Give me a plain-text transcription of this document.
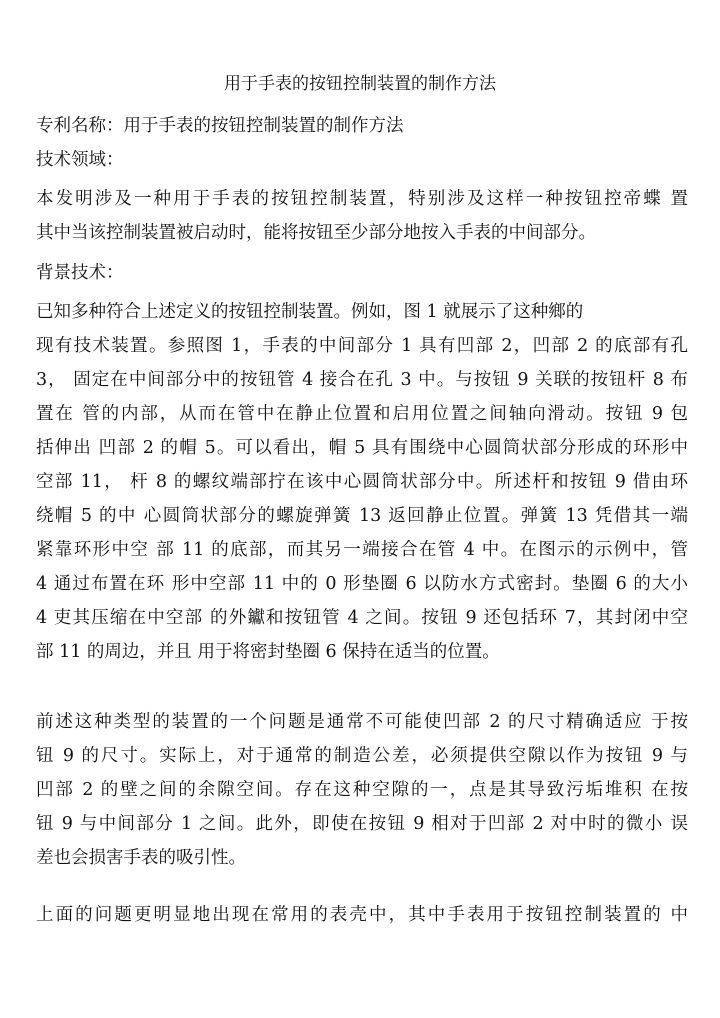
用于手表的按钮控制装置的制作方法
专利名称：用于手表的按钮控制装置的制作方法
技术领域：
本发明涉及一种用于手表的按钮控制装置，特别涉及这样一种按钮控帝蝶 置
其中当该控制装置被启动时，能将按钮至少部分地按入手表的中间部分。
背景技术：
已知多种符合上述定义的按钮控制装置。例如，图 1 就展示了这种鄉的
现有技术装置。参照图 1，手表的中间部分 1 具有凹部 2，凹部 2 的底部有孔
3， 固定在中间部分中的按钮管 4 接合在孔 3 中。与按钮 9 关联的按钮杆 8 布
置在 管的内部，从而在管中在静止位置和启用位置之间轴向滑动。按钮 9 包
括伸出 凹部 2 的帽 5。可以看出，帽 5 具有围绕中心圆筒状部分形成的环形中
空部 11， 杆 8 的螺纹端部拧在该中心圆筒状部分中。所述杆和按钮 9 借由环
绕帽 5 的中 心圆筒状部分的螺旋弹簧 13 返回静止位置。弹簧 13 凭借其一端
紧靠环形中空 部 11 的底部，而其另一端接合在管 4 中。在图示的示例中，管
4 通过布置在环 形中空部 11 中的 0 形垫圈 6 以防水方式密封。垫圈 6 的大小
4 吏其压缩在中空部 的外钀和按钮管 4 之间。按钮 9 还包括环 7，其封闭中空
部 11 的周边，并且 用于将密封垫圈 6 保持在适当的位置。
前述这种类型的装置的一个问题是通常不可能使凹部 2 的尺寸精确适应 于按
钮 9 的尺寸。实际上，对于通常的制造公差，必须提供空隙以作为按钮 9 与
凹部 2 的壁之间的余隙空间。存在这种空隙的一，点是其导致污垢堆积 在按
钮 9 与中间部分 1 之间。此外，即使在按钮 9 相对于凹部 2 对中时的微小 误
差也会损害手表的吸引性。
上面的问题更明显地出现在常用的表壳中，其中手表用于按钮控制装置的 中
